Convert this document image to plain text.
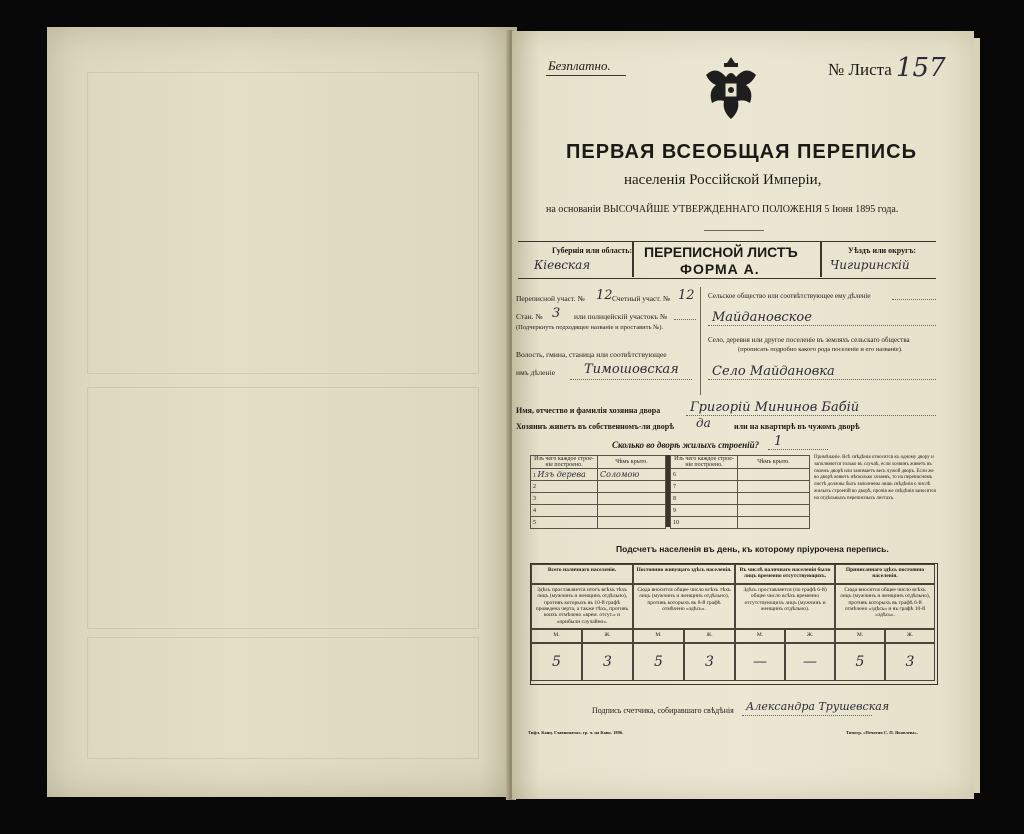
Безплатно.	№ Листа 157
ПЕРВАЯ ВСЕОБЩАЯ ПЕРЕПИСЬ
населенія Россійской Имперіи,
на основаніи ВЫСОЧАЙШЕ УТВЕРЖДЕННАГО ПОЛОЖЕНІЯ 5 Іюня 1895 года.
Губернія или область:
Кіевская
ПЕРЕПИСНОЙ ЛИСТЪ
ФОРМА А.
Уѣздъ или округъ:
Чигиринскій
Переписной участ. № 12 Счетный участ. № 12
Стан. № 3 или полицейскій участокъ №
(Подчеркнуть подходящее названіе и проставить №).
Волость, гмина, станица или соотвѣтствующее
имъ дѣленіе Тимошовская
Сельское общество или соотвѣтствующее ему дѣленіе
Майдановское
Село, деревня или другое поселеніе въ земляхъ сельскаго общества
(прописать подробно какого рода поселеніе и его названіе).
Село Майдановка
Имя, отчество и фамилія хозяина двора Григорій Мининов Бабій
Хозяинъ живетъ въ собственномъ-ли дворѣ да	или на квартирѣ въ чужомъ дворѣ
Сколько во дворѣ жилыхъ строеній? 1
Изъ чего каждое строе-ніе построено.	Чѣмъ крыто.
1 Изъ дерева	Соломою
2	
3	
4	
5	
Изъ чего каждое строе-ніе построено.	Чѣмъ крыто.
6	
7	
8	
9	
10	
Примѣчаніе. Всѣ свѣдѣнія относятся къ одному двору и заполняются только въ случаѣ, если хозяинъ живетъ въ своемъ дворѣ или занимаетъ весь чужой дворъ. Если же во дворѣ живетъ нѣсколько хозяевъ, то на переписномъ листѣ должны быть заполнены лишь свѣдѣнія о числѣ жилыхъ строеній во дворѣ, прочія же свѣдѣнія заносятся на отдѣльныхъ переписныхъ листахъ.
Подсчетъ населенія въ день, къ которому пріурочена перепись.
Всего наличнаго населенія.
Здѣсь проставляется итогъ всѣхъ тѣхъ лицъ (мужчинъ и женщинъ отдѣльно), противъ которыхъ въ 10-й графѣ проведена черта, а также тѣхъ, противъ коихъ отмѣчено «врем. отсут.» и «прибыли случайно».
М.	Ж.
5	3
Постоянно живущаго здѣсь населенія.
Сюда вносится общее число всѣхъ тѣхъ лицъ (мужчинъ и женщинъ отдѣльно), противъ которыхъ въ 8-й графѣ отмѣчено «здѣсь».
М.	Ж.
5	3
Въ числѣ наличнаго населенія было лицъ временно отсутствующихъ.
Здѣсь проставляется (по графѣ 6-й) общее число всѣхъ временно отсутствующихъ лицъ (мужчинъ и женщинъ отдѣльно).
М.	Ж.
—	—
Приписаннаго здѣсь постоянно населенія.
Сюда вносится общее число всѣхъ лицъ (мужчинъ и женщинъ отдѣльно), противъ которыхъ въ графѣ 6-й отмѣчено «здѣсь» и въ графѣ 10-й «здѣсь».
М.	Ж.
5	3
Подпись счетчика, собиравшаго свѣдѣнія Александра Трушевская
Тифл. Канц. Главноначал. гр. ч. на Кавк. 1896.	Типогр. «Печатня С. П. Яковлева».
